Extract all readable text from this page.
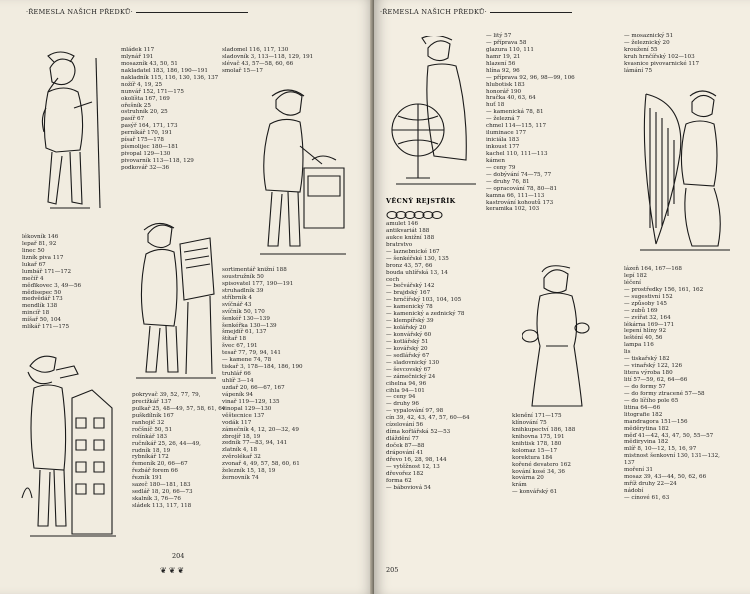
·ŘEMESLA NAŠICH PŘEDKŮ·
lékovník 146
lepař 81, 92
linec 50
lizník piva 117
lukař 67
lumbář 171—172
mečíř 4
měďikovec 3, 49—56
mědisepec 50
medvědář 173
mendlík 138
mincíř 18
míšař 50, 104
mlíkář 171—175
mládek 117
mlynář 191
mosazník 43, 50, 51
nakladatel 183, 186, 190—191
nakladník 115, 116, 130, 136, 137
nožíř 4, 19, 25
nunvář 152, 171—175
okolíšta 167, 169
ořešník 25
ostruhník 20, 25
pasíř 67
pasýř 164, 171, 173
perníkář 170, 191
písař 175—178
písmolijec 180—181
pivopal 129—130
pivovarník 113—118, 129
podkovář 32—36
pokryvač 39, 52, 77, 79,
precižkář 137
pulkař 25, 48—49, 57, 58, 61, 64
puškdílník 167
ranhojič 32
ročšníč 50, 51
rolínkář 183
ručníkář 25, 26, 44—49,
rudník 18, 19
rybníkář 172
řemeník 20, 66—67
řezbář forem 66
řezník 191
sazeč 180—181, 183
sedlář 18, 20, 66—73
skalník 3, 76—76
sládek 113, 117, 118
sladomel 116, 117, 130
sladovník 3, 113—118, 129, 191
slévač 43, 57—58, 60, 66
smolař 15—17
sortimentář knižní 188
soustružník 50
spisovatel 177, 190—191
struhadlník 39
stříbrník 4
svíčnář 43
svíčník 50, 170
šenkéř 130—139
šenkéřka 130—139
šmejdíř 61, 137
štítař 18
švec 67, 191
tesař 77, 79, 94, 141
— kamene 74, 78
tiskař 3, 178—184, 186, 190
truhlář 66
uhlíř 3—14
uzdař 20, 66—67, 167
vápeník 94
vinař 119—129, 135
vinopal 129—130
věštecnice 137
vodák 117
zámečník 4, 12, 20—32, 49
zbrojíř 18, 19
zedník 77—83, 94, 141
zlatník 4, 18
zvěrolékař 32
zvonař 4, 49, 57, 58, 60, 61
železník 15, 18, 19
žernovník 74
204
❦❦❦
·ŘEMESLA NAŠICH PŘEDKŮ·
— litý 57
— příprava 58
glazura 110, 111
hamr 19, 21
hlazení 56
hlína 92, 96
— příprava 92, 96, 98—99, 106
hlubotisk 183
honorář 190
hračka 40, 63, 64
huť 18
— kamenická 78, 81
— železná 7
chmel 114—115, 117
iluminace 177
iniciála 183
inkoust 177
kachel 110, 111—113
kámen
— ceny 79
— dobývání 74—75, 77
— druhy 76, 81
— opracování 78, 80—81
kamna 66, 111—113
kastrování kohoutů 173
keramika 102, 103
VĚCNÝ REJSTŘÍK
amulet 146
antikvariát 188
aukce knižní 188
bratrstvo
— laznebnické 167
— šenkéřské 130, 135
bronz 43, 57, 66
bouda uhlířská 13, 14
cech
— bečvářský 142
— brajdský 167
— hrnčířský 103, 104, 105
— kamenický 78
— kamenický a zednický 78
— klempířský 39
— kolářský 20
— konvářský 60
— kotlářský 51
— kovářský 20
— sedlářský 67
— sladovnický 130
— ševcovský 67
— zámečnický 24
cihelna 94, 96
cihla 94—101
— ceny 94
— druhy 96
— vypalování 97, 98
cín 39, 42, 43, 47, 57, 60—64
cízelování 56
díma kořlářská 52—53
dláždění 77
doček 87—88
drápování 41
dřevo 16, 28, 98, 144
— vytěžnost 12, 13
dřevořez 182
forma 62
— báboviová 54
klenění 171—175
klínování 75
knihkupectví 186, 188
knihovna 175, 191
knihtisk 178, 180
kolomaz 15—17
korektura 184
kořené devatero 162
kování kosé 34, 36
kovárna 20
krám
— konvářský 61
— mosaznický 51
— železnický 20
kroužení 55
kruh hrnčířský 102—103
kvasnice pivovarnické 117
lámání 75
lázeň 164, 167—168
lepí 182
léčení
— prostředky 156, 161, 162
— sugestivní 152
— způsoby 145
— zubů 169
— zvířat 32, 164
lékárna 169—171
lepení hlíny 92
lešténí 40, 56
lampa 116
lis
— tiskařský 182
— vinařský 122, 126
litera výroba 180
lití 57—59, 62, 64—66
— do formy 57
— do formy ztracené 57—58
— do líčího pole 65
litina 64—66
litografie 182
mandragora 151—156
měděrytina 182
měď 41—42, 43, 47, 50, 55—57
mědiryvina 182
mlíř 8, 10—12, 15, 16, 97
mistnost šenkovní 130, 131—132,
137
moření 31
mosaz 39, 43—44, 50, 62, 66
mříž druhy 22—24
nádobí
— cínové 61, 63
205
